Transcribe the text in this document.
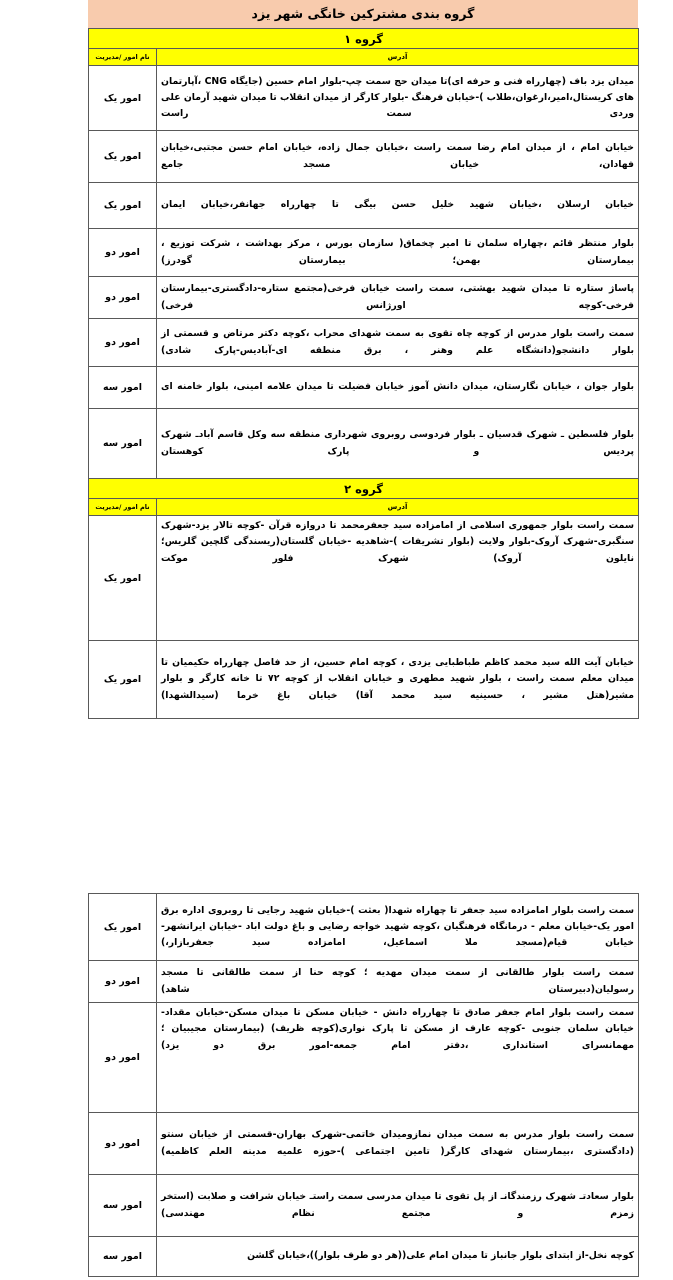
گروه بندی مشترکین خانگی شهر یزد
گروه ۱	
آدرس	نام امور /مدیریت
میدان یزد باف (چهارراه فنی و حرفه ای)تا میدان حج سمت چپ-بلوار امام حسین (جایگاه CNG ،آپارتمان های کریستال،امیر،ارغوان،طلاب )-خیابان فرهنگ -بلوار کارگر از میدان انقلاب تا میدان شهید آرمان علی وردی سمت راست	امور یک
خیابان امام ، از میدان امام رضا سمت راست ،خیابان جمال زاده، خیابان امام حسن مجتبی،خیابان فهادان، خیابان مسجد جامع	امور یک
خیابان ارسلان ،خیابان شهید خلیل حسن بیگی تا چهارراه جهانفر،خیابان ایمان	امور یک
بلوار منتظر قائم ،چهاراه سلمان تا امیر چخماق( سازمان بورس ، مرکز بهداشت ، شرکت توزیع ، بیمارستان بهمن؛ بیمارستان گودرز)	امور دو
پاساژ ستاره تا میدان شهید بهشتی، سمت راست خیابان فرخی(مجتمع ستاره-دادگستری-بیمارستان فرخی-کوچه اورژانس فرخی)	امور دو
سمت راست بلوار مدرس از کوچه چاه تقوی به سمت شهدای محراب ،کوچه دکتر مرتاض و قسمتی از بلوار دانشجو(دانشگاه علم وهنر ، برق منطقه ای-آبادیس-پارک شادی)	امور دو
بلوار جوان ، خیابان نگارستان، میدان دانش آموز خیابان فضیلت تا میدان علامه امینی، بلوار خامنه ای	امور سه
بلوار فلسطین ـ شهرک قدسیان ـ بلوار فردوسی روبروی شهرداری منطقه سه وکل قاسم آبادـ شهرک پردیس و پارک کوهستان	امور سه
گروه ۲	
آدرس	نام امور /مدیریت
سمت راست بلوار جمهوری اسلامی از امامزاده سید جعفرمحمد تا دروازه قرآن -کوچه تالار یزد-شهرک سنگبری-شهرک آروک-بلوار ولایت (بلوار تشریفات )-شاهدیه -خیابان گلستان(ریسندگی گلچین گلریس؛نایلون آروک) شهرک فلور موکت	امور یک
خیابان آیت الله سید محمد کاظم طباطبایی یزدی ، کوچه امام حسین، از حد فاصل چهارراه حکیمیان تا میدان معلم سمت راست ، بلوار شهید مطهری و خیابان انقلاب از کوچه ۷۲ تا خانه کارگر و بلوار مشیر(هتل مشیر ، حسینیه سید محمد آقا) خیابان باغ خرما (سیدالشهدا)	امور یک
سمت راست بلوار امامزاده سید جعفر تا چهاراه شهدا( بعثت )-خیابان شهید رجایی تا روبروی اداره برق امور یک-خیابان معلم - درمانگاه فرهنگیان ،کوچه شهید خواجه رضایی و باغ دولت اباد -خیابان ایرانشهر-خیابان قیام(مسجد ملا اسماعیل، امامزاده سید جعفربازار،)	امور یک
سمت راست بلوار طالقانی از سمت میدان مهدیه ؛ کوچه حنا از سمت طالقانی تا مسجد رسولیان(دبیرستان شاهد)	امور دو
سمت راست بلوار امام جعفر صادق تا چهارراه دانش - خیابان مسکن تا میدان مسکن-خیابان مقداد-خیابان سلمان جنوبی -کوچه عارف از مسکن تا پارک نواری(کوچه ظریف) (بیمارستان مجیبیان ؛ مهمانسرای استانداری ،دفتر امام جمعه-امور برق دو یزد)	امور دو
سمت راست بلوار مدرس به سمت میدان نمازومیدان خاتمی-شهرک بهاران-قسمتی از خیابان سنتو (دادگستری ،بیمارستان شهدای کارگر( تامین اجتماعی )-حوزه علمیه مدینه العلم کاظمیه)	امور دو
بلوار سعادتـ شهرک رزمندگانـ از پل تقوی تا میدان مدرسی سمت راستـ خیابان شرافت و صلابت (استخر زمزم و مجتمع نظام مهندسی)	امور سه
کوچه نخل-از ابتدای بلوار جانباز تا میدان امام علی((هر دو طرف بلوار))،خیابان گلشن	امور سه
